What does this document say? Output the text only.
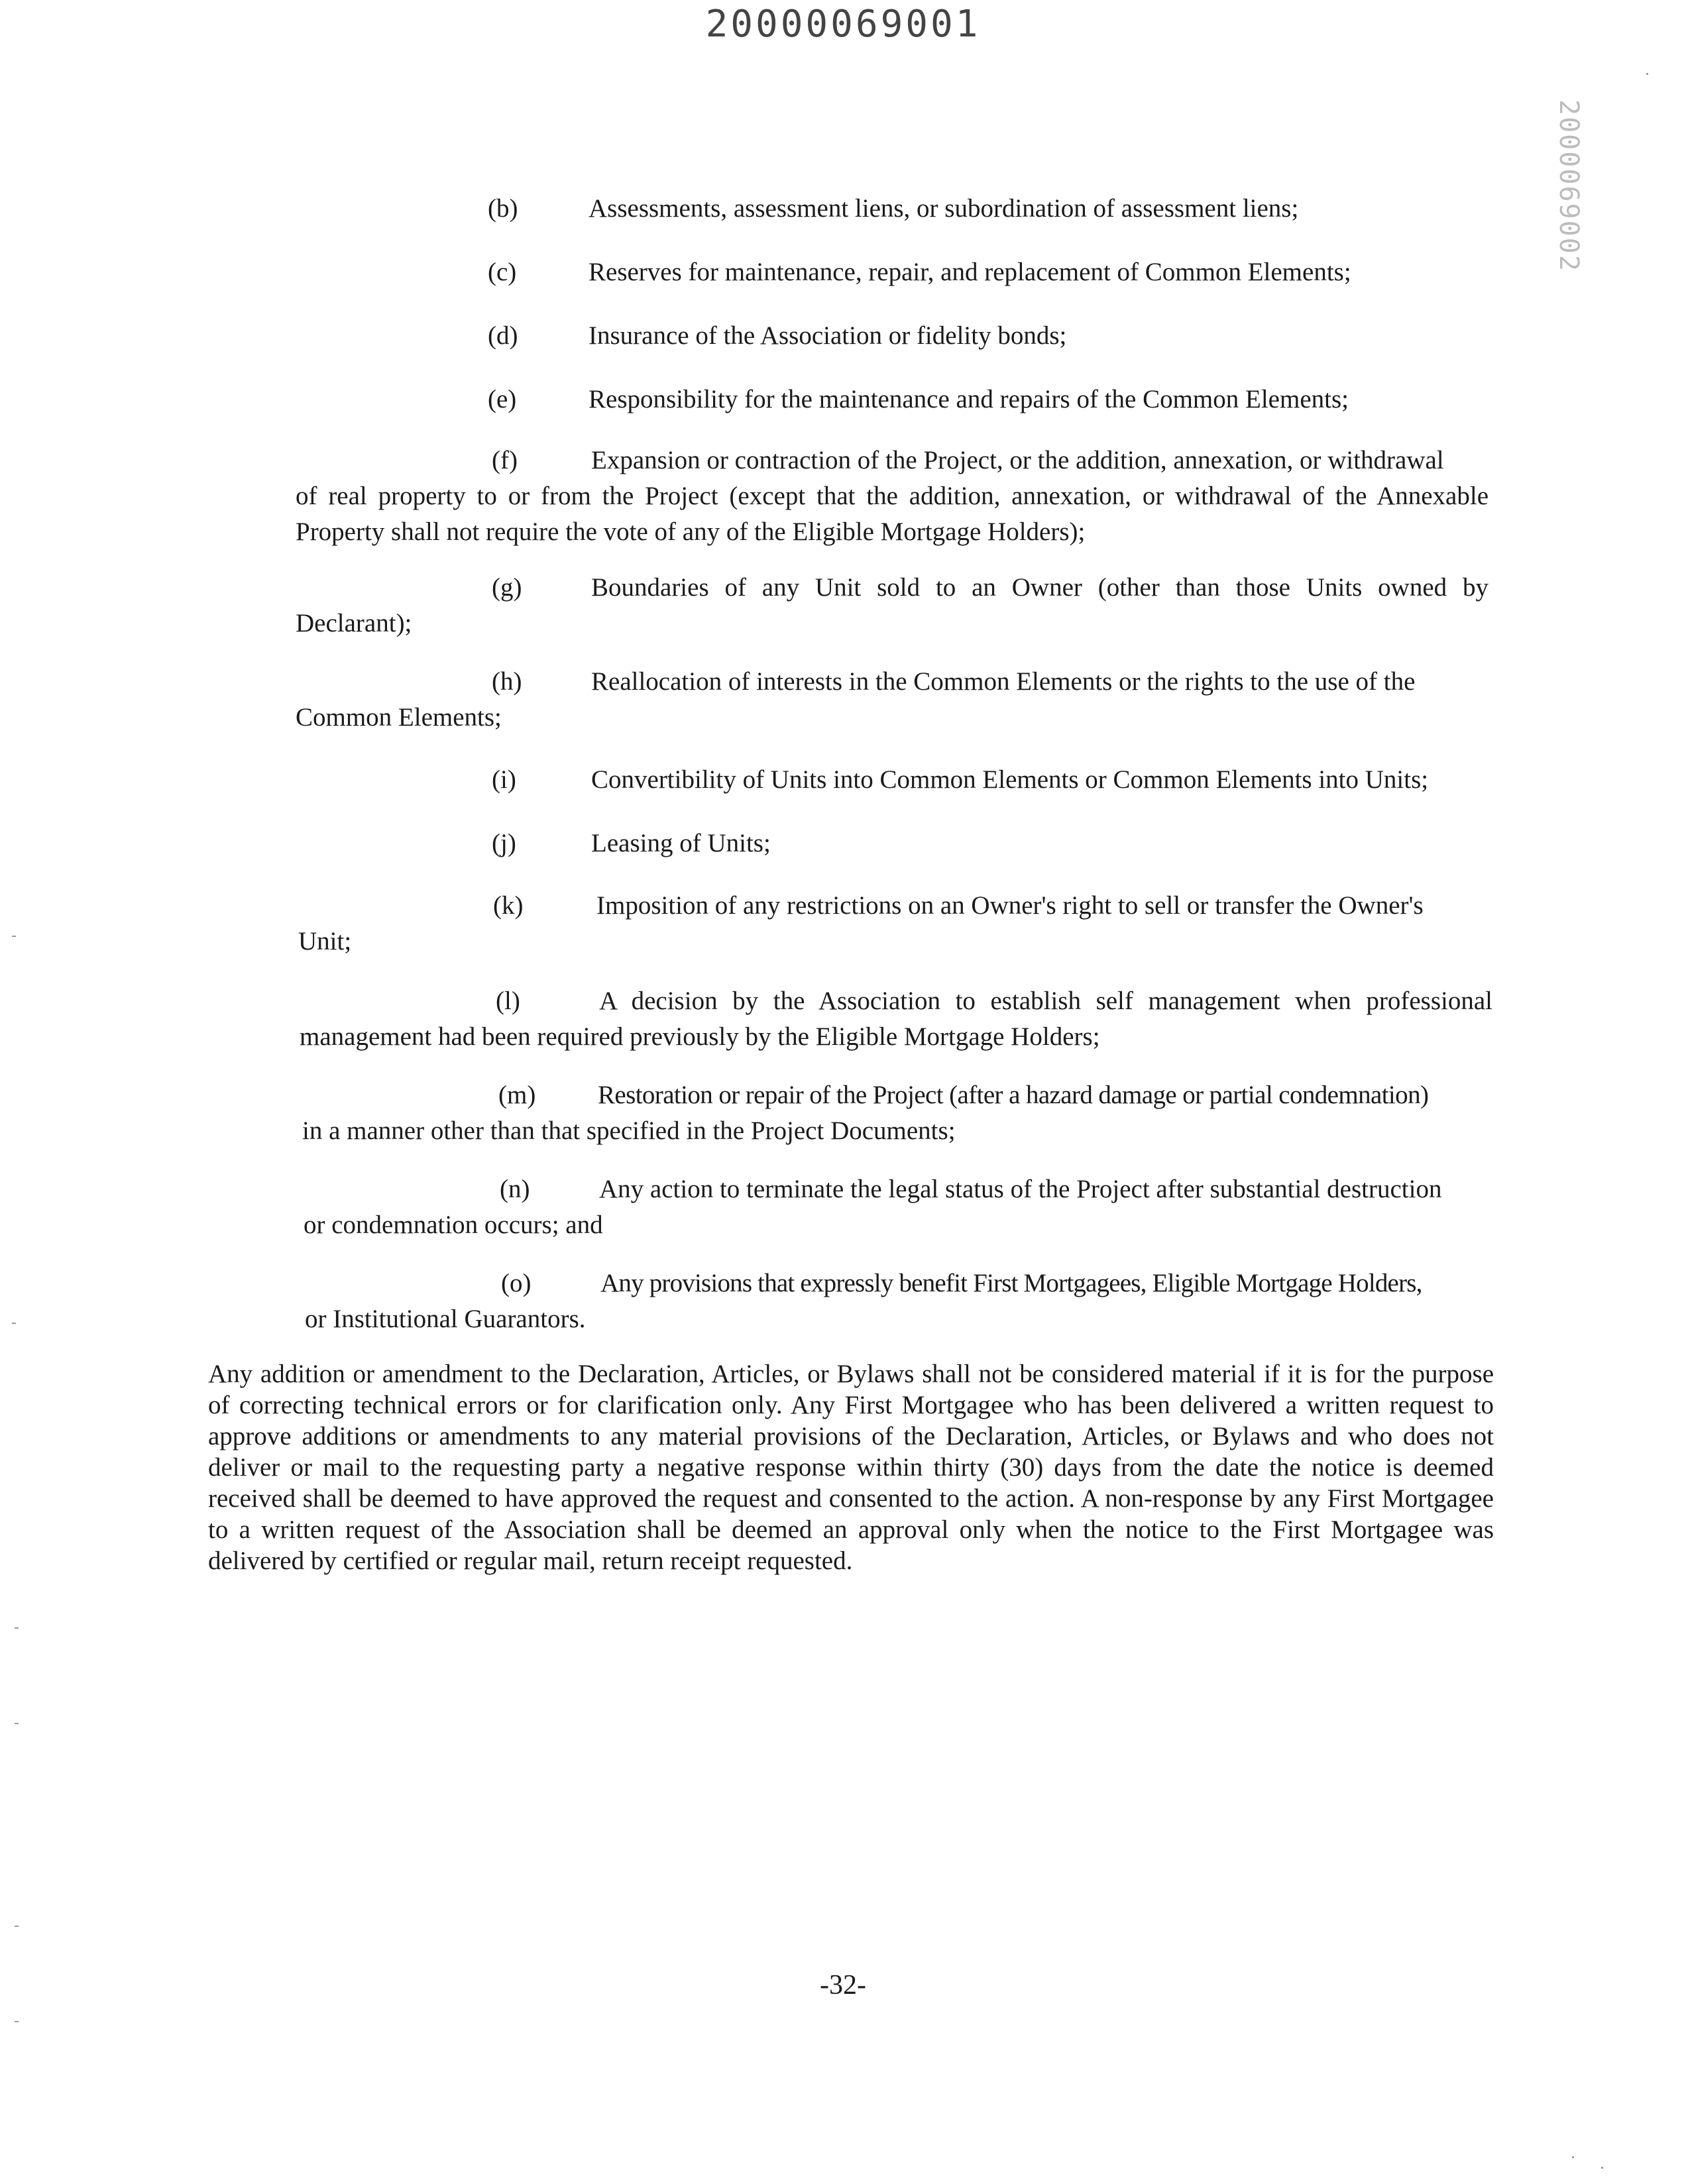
20000069001
2000069002
(b)	Assessments, assessment liens, or subordination of assessment liens;
(c)	Reserves for maintenance, repair, and replacement of Common Elements;
(d)	Insurance of the Association or fidelity bonds;
(e)	Responsibility for the maintenance and repairs of the Common Elements;
(f)	Expansion or contraction of the Project, or the addition, annexation, or withdrawal
of real property to or from the Project (except that the addition, annexation, or withdrawal of the Annexable Property shall not require the vote of any of the Eligible Mortgage Holders);
(g)	Boundaries of any Unit sold to an Owner (other than those Units owned by
Declarant);
(h)	Reallocation of interests in the Common Elements or the rights to the use of the
Common Elements;
(i)	Convertibility of Units into Common Elements or Common Elements into Units;
(j)	Leasing of Units;
(k)	Imposition of any restrictions on an Owner's right to sell or transfer the Owner's
Unit;
(l)	A decision by the Association to establish self management when professional
management had been required previously by the Eligible Mortgage Holders;
(m) Restoration or repair of the Project (after a hazard damage or partial condemnation)
in a manner other than that specified in the Project Documents;
(n)	Any action to terminate the legal status of the Project after substantial destruction
or condemnation occurs; and
(o)	Any provisions that expressly benefit First Mortgagees, Eligible Mortgage Holders,
or Institutional Guarantors.
Any addition or amendment to the Declaration, Articles, or Bylaws shall not be considered material if it is for the purpose of correcting technical errors or for clarification only. Any First Mortgagee who has been delivered a written request to approve additions or amendments to any material provisions of the Declaration, Articles, or Bylaws and who does not deliver or mail to the requesting party a negative response within thirty (30) days from the date the notice is deemed received shall be deemed to have approved the request and consented to the action. A non-response by any First Mortgagee to a written request of the Association shall be deemed an approval only when the notice to the First Mortgagee was delivered by certified or regular mail, return receipt requested.
-32-
